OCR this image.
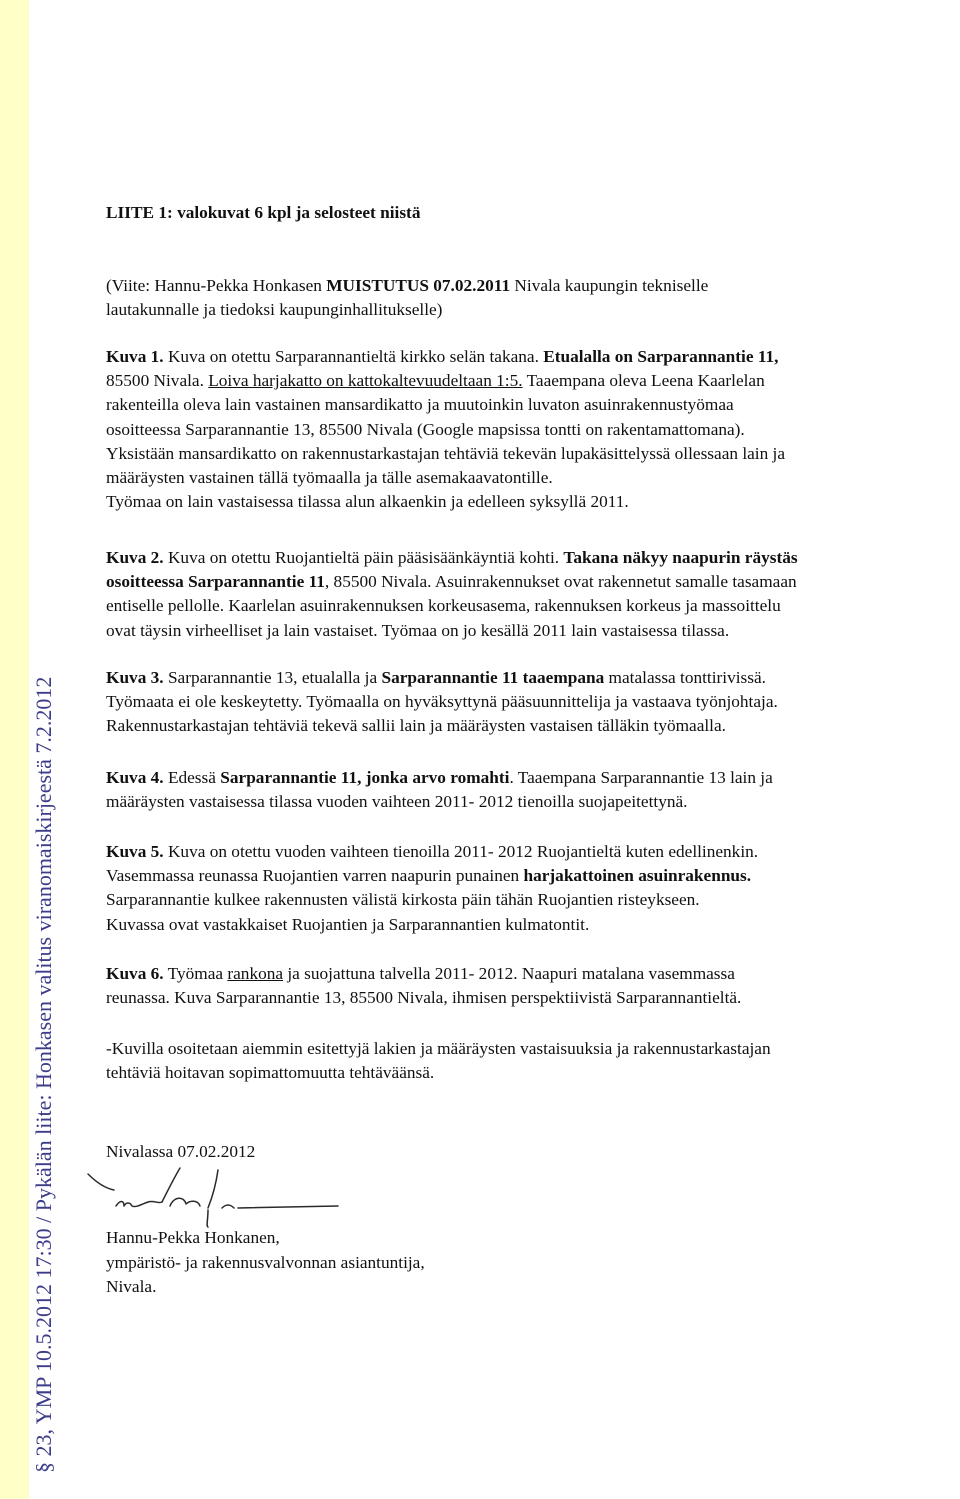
§ 23, YMP 10.5.2012 17:30 / Pykälän liite: Honkasen valitus viranomaiskirjeestä 7.2.2012
LIITE 1: valokuvat 6 kpl ja selosteet niistä

(Viite: Hannu-Pekka Honkasen MUISTUTUS 07.02.2011 Nivala kaupungin tekniselle

lautakunnalle ja tiedoksi kaupunginhallitukselle)

Kuva 1. Kuva on otettu Sarparannantieltä kirkko selän takana. Etualalla on Sarparannantie 11,

85500 Nivala. Loiva harjakatto on kattokaltevuudeltaan 1:5. Taaempana oleva Leena Kaarlelan

rakenteilla oleva lain vastainen mansardikatto ja muutoinkin luvaton asuinrakennustyömaa

osoitteessa Sarparannantie 13, 85500 Nivala (Google mapsissa tontti on rakentamattomana).

Yksistään mansardikatto on rakennustarkastajan tehtäviä tekevän lupakäsittelyssä ollessaan lain ja

määräysten vastainen tällä työmaalla ja tälle asemakaavatontille.

Työmaa on lain vastaisessa tilassa alun alkaenkin ja edelleen syksyllä 2011.

Kuva 2. Kuva on otettu Ruojantieltä päin pääsisäänkäyntiä kohti. Takana näkyy naapurin räystäs

osoitteessa Sarparannantie 11, 85500 Nivala. Asuinrakennukset ovat rakennetut samalle tasamaan

entiselle pellolle. Kaarlelan asuinrakennuksen korkeusasema, rakennuksen korkeus ja massoittelu

ovat täysin virheelliset ja lain vastaiset. Työmaa on jo kesällä 2011 lain vastaisessa tilassa.

Kuva 3. Sarparannantie 13, etualalla ja Sarparannantie 11 taaempana matalassa tonttirivissä.

Työmaata ei ole keskeytetty. Työmaalla on hyväksyttynä pääsuunnittelija ja vastaava työnjohtaja.

Rakennustarkastajan tehtäviä tekevä sallii lain ja määräysten vastaisen tälläkin työmaalla.

Kuva 4. Edessä Sarparannantie 11, jonka arvo romahti. Taaempana Sarparannantie 13 lain ja

määräysten vastaisessa tilassa vuoden vaihteen 2011- 2012 tienoilla suojapeitettynä.

Kuva 5. Kuva on otettu vuoden vaihteen tienoilla 2011- 2012 Ruojantieltä kuten edellinenkin.

Vasemmassa reunassa Ruojantien varren naapurin punainen harjakattoinen asuinrakennus.

Sarparannantie kulkee rakennusten välistä kirkosta päin tähän Ruojantien risteykseen.

Kuvassa ovat vastakkaiset Ruojantien ja Sarparannantien kulmatontit.

Kuva 6. Työmaa rankona ja suojattuna talvella 2011- 2012. Naapuri matalana vasemmassa

reunassa. Kuva Sarparannantie 13, 85500 Nivala, ihmisen perspektiivistä Sarparannantieltä.

-Kuvilla osoitetaan aiemmin esitettyjä lakien ja määräysten vastaisuuksia ja rakennustarkastajan

tehtäviä hoitavan sopimattomuutta tehtäväänsä.

Nivalassa 07.02.2012
Hannu-Pekka Honkanen,
ympäristö- ja rakennusvalvonnan asiantuntija,
Nivala.
